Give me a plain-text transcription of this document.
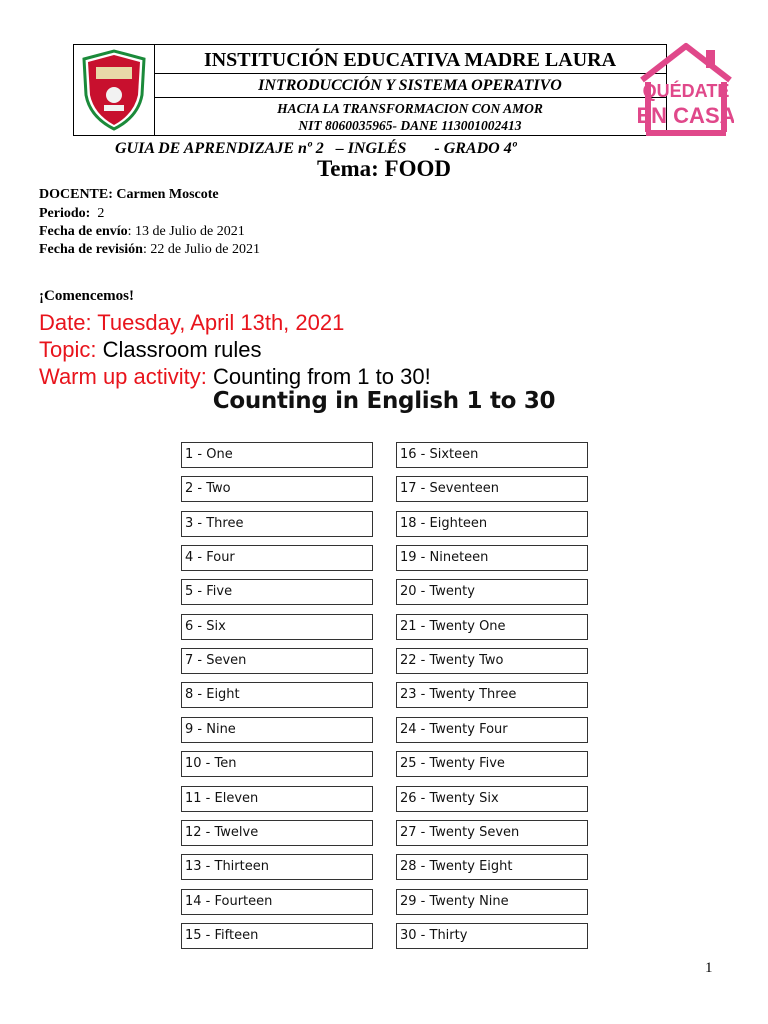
INSTITUCIÓN EDUCATIVA MADRE LAURA
INTRODUCCIÓN Y SISTEMA OPERATIVO
HACIA LA TRANSFORMACION CON AMOR
NIT 8060035965- DANE 113001002413
QUÉDATE
EN CASA
GUIA DE APRENDIZAJE nº 2   – INGLÉS       - GRADO 4º
Tema: FOOD
DOCENTE: Carmen Moscote
Periodo: 2
Fecha de envío: 13 de Julio de 2021
Fecha de revisión: 22 de Julio de 2021
¡Comencemos!
Date: Tuesday, April 13th, 2021
Topic: Classroom rules
Warm up activity: Counting from 1 to 30!
Counting in English 1 to 30
1 - One
2 - Two
3 - Three
4 - Four
5 - Five
6 - Six
7 - Seven
8 - Eight
9 - Nine
10 - Ten
11 - Eleven
12 - Twelve
13 - Thirteen
14 - Fourteen
15 - Fifteen
16 - Sixteen
17 - Seventeen
18 - Eighteen
19 - Nineteen
20 - Twenty
21 - Twenty One
22 - Twenty Two
23 - Twenty Three
24 - Twenty Four
25 - Twenty Five
26 - Twenty Six
27 - Twenty Seven
28 - Twenty Eight
29 - Twenty Nine
30 - Thirty
1
